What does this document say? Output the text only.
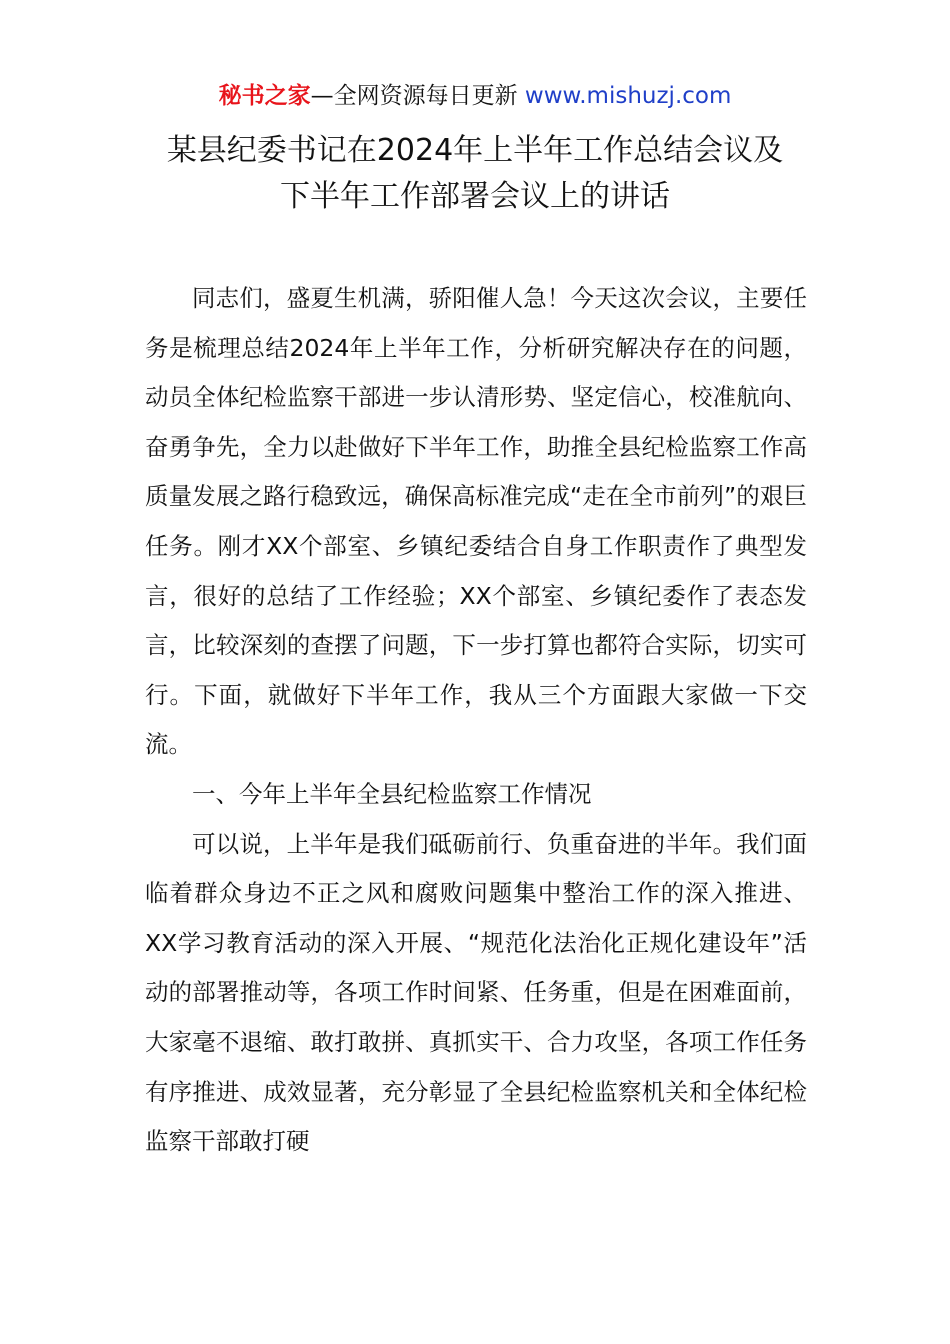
秘书之家—全网资源每日更新 www.mishuzj.com
某县纪委书记在2024年上半年工作总结会议及
下半年工作部署会议上的讲话

同志们，盛夏生机满，骄阳催人急！今天这次会议，主要任务是梳理总结2024年上半年工作，分析研究解决存在的问题，动员全体纪检监察干部进一步认清形势、坚定信心，校准航向、奋勇争先，全力以赴做好下半年工作，助推全县纪检监察工作高质量发展之路行稳致远，确保高标准完成“走在全市前列”的艰巨任务。刚才XX个部室、乡镇纪委结合自身工作职责作了典型发言，很好的总结了工作经验；XX个部室、乡镇纪委作了表态发言，比较深刻的查摆了问题，下一步打算也都符合实际，切实可行。下面，就做好下半年工作，我从三个方面跟大家做一下交流。

一、今年上半年全县纪检监察工作情况

可以说，上半年是我们砥砺前行、负重奋进的半年。我们面临着群众身边不正之风和腐败问题集中整治工作的深入推进、XX学习教育活动的深入开展、“规范化法治化正规化建设年”活动的部署推动等，各项工作时间紧、任务重，但是在困难面前，大家毫不退缩、敢打敢拼、真抓实干、合力攻坚，各项工作任务有序推进、成效显著，充分彰显了全县纪检监察机关和全体纪检监察干部敢打硬
